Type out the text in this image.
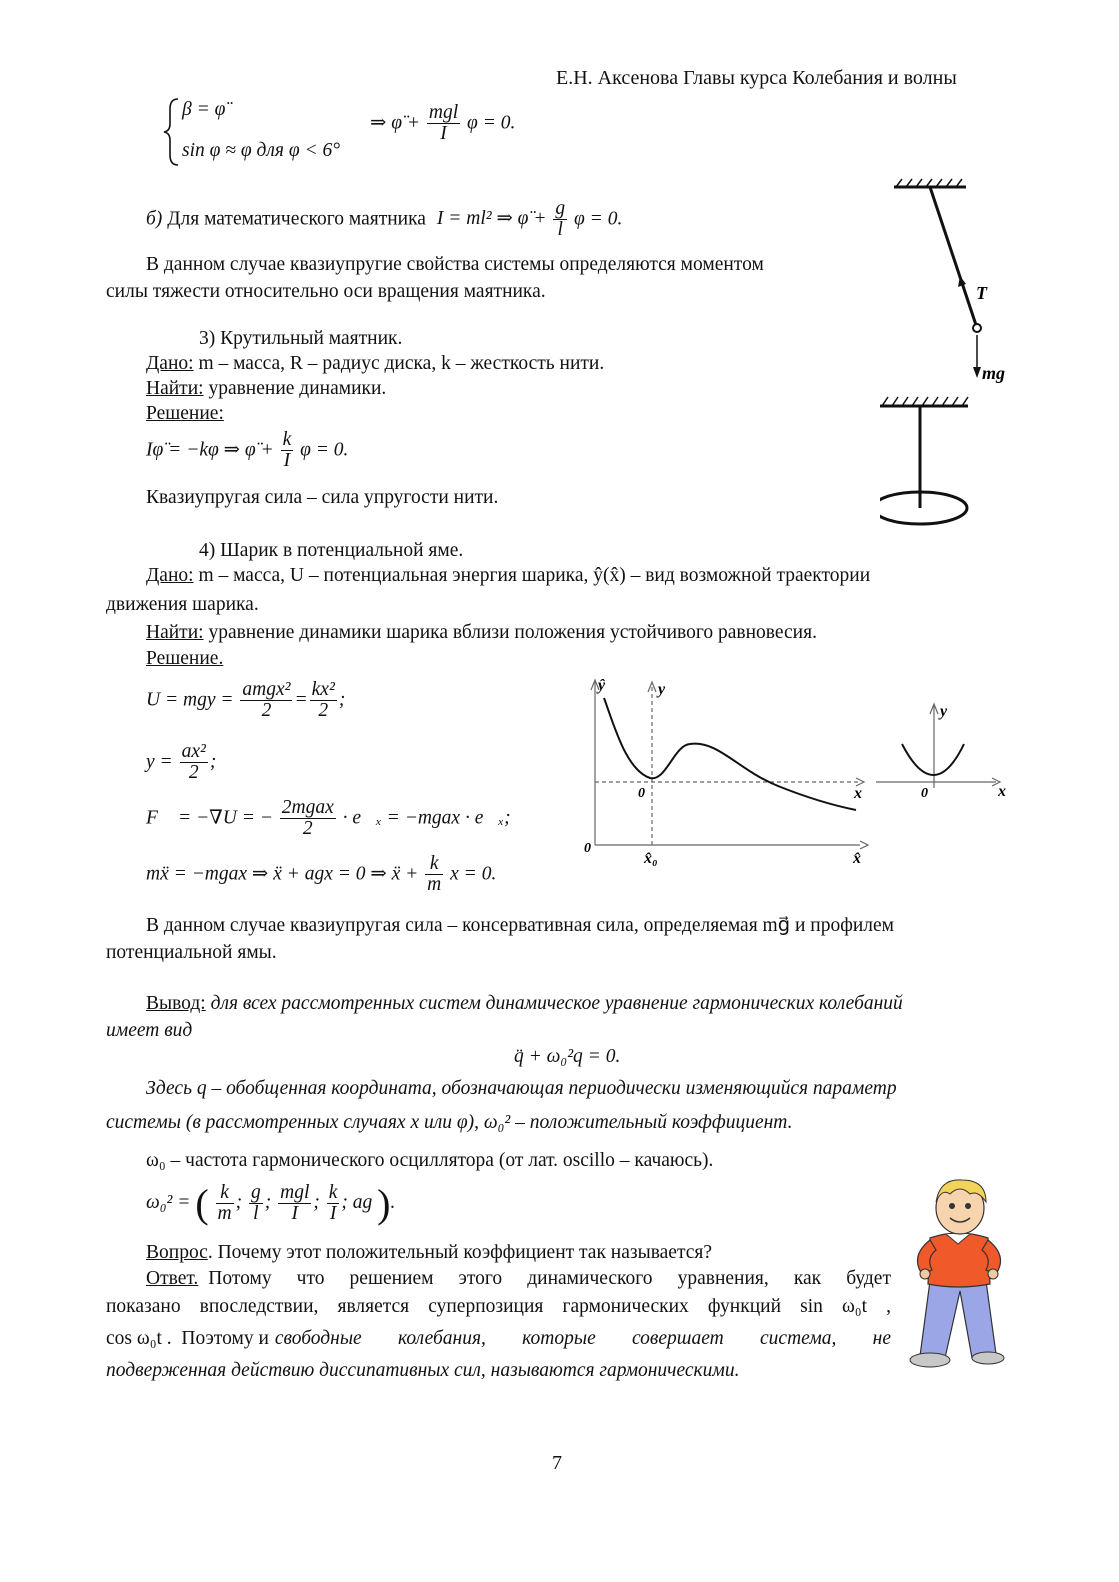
Е.Н. Аксенова Главы курса Колебания и волны
β = φ̈
sin φ ≈ φ для φ < 6°
⇒ φ̈ + $\frac{\text{mgl}}{I}$ φ = 0.
б) Для математического маятника I = ml² ⇒ φ̈ + $\frac{g}{l}$ φ = 0.
В данном случае квазиупругие свойства системы определяются моментом
силы тяжести относительно оси вращения маятника.
3) Крутильный маятник.
Дано: m – масса, R – радиус диска, k – жесткость нити.
Найти: уравнение динамики.
Решение:
Iφ̈ = −kφ ⇒ φ̈ + $\frac{k}{I}$ φ = 0.
Квазиупругая сила – сила упругости нити.
T⃗
mg⃗
4) Шарик в потенциальной яме.
Дано: m – масса, U – потенциальная энергия шарика, ŷ(x̂) – вид возможной траектории
движения шарика.
Найти: уравнение динамики шарика вблизи положения устойчивого равновесия.
Решение.
U = mgy = $\frac{\text{amgx²}}{2} = \frac{\text{kx²}}{2}$ ;
$y = \frac{\text{ax²}}{2}$ ;
F⃗ = −∇U = − $\frac{\text{2mgax}}{2}$ · e⃗ₓ = −mgax · e⃗ₓ;
mẍ = −mgax ⇒ ẍ + agx = 0 ⇒ ẍ + $\frac{k}{m}$ x = 0.
ŷ	y
x
x̂
0
0
x̂₀
y
x
0
В данном случае квазиупругая сила – консервативная сила, определяемая mg⃗ и профилем
потенциальной ямы.
Вывод: для всех рассмотренных систем динамическое уравнение гармонических колебаний
имеет вид
q̈ + ω₀²q = 0.
Здесь q – обобщенная координата, обозначающая периодически изменяющийся параметр
системы (в рассмотренных случаях x или φ), ω₀² – положительный коэффициент.
ω₀ – частота гармонического осциллятора (от лат. oscillo – качаюсь).
ω₀² = ( $\frac{k}{m}$ ; $\frac{g}{l}$ ; $\frac{\text{mgl}}{I}$ ; $\frac{k}{I}$ ; ag ).
Вопрос. Почему этот положительный коэффициент так называется?
Ответ. Потому что решением этого динамического уравнения, как будет
показано впоследствии, является суперпозиция гармонических функций sin ω₀t ,
cos ω₀t .  Поэтому и свободные колебания, которые совершает система, не
подверженная действию диссипативных сил, называются гармоническими.
7
